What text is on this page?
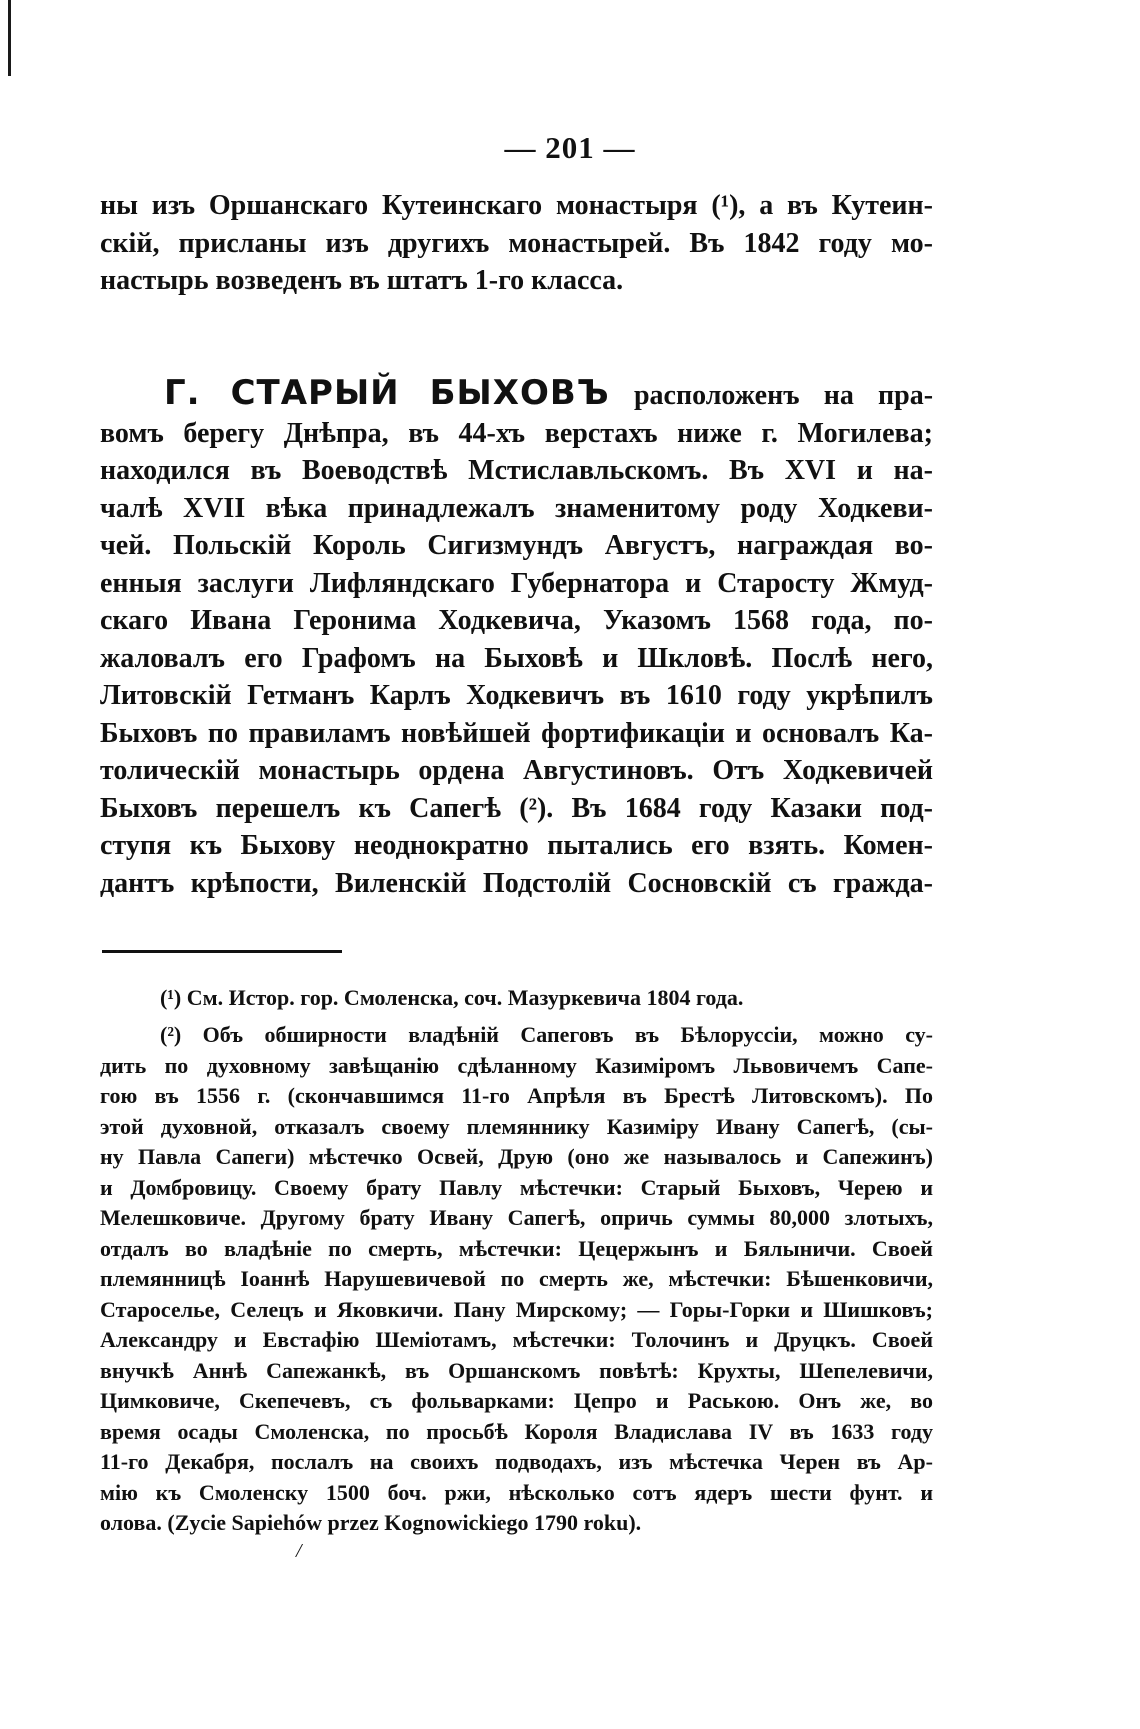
— 201 —
ны изъ Оршанскаго Кутеинскаго монастыря (¹), а въ Кутеин-
скій, присланы изъ другихъ монастырей. Въ 1842 году мо-
настырь возведенъ въ штатъ 1-го класса.
Г. СТАРЫЙ БЫХОВЪ расположенъ на пра-
вомъ берегу Днѣпра, въ 44-хъ верстахъ ниже г. Могилева;
находился въ Воеводствѣ Мстиславльскомъ. Въ XVI и на-
чалѣ XVII вѣка принадлежалъ знаменитому роду Ходкеви-
чей. Польскій Король Сигизмундъ Августъ, награждая во-
енныя заслуги Лифляндскаго Губернатора и Старосту Жмуд-
скаго Ивана Геронима Ходкевича, Указомъ 1568 года, по-
жаловалъ его Графомъ на Быховѣ и Шкловѣ. Послѣ него,
Литовскій Гетманъ Карлъ Ходкевичъ въ 1610 году укрѣпилъ
Быховъ по правиламъ новѣйшей фортификаціи и основалъ Ка-
толическій монастырь ордена Августиновъ. Отъ Ходкевичей
Быховъ перешелъ къ Сапегѣ (²). Въ 1684 году Казаки под-
ступя къ Быхову неоднократно пытались его взять. Комен-
дантъ крѣпости, Виленскій Подстолій Сосновскій съ гражда-
(¹) См. Истор. гор. Смоленска, соч. Мазуркевича 1804 года.
(²) Объ обширности владѣній Сапеговъ въ Бѣлоруссіи, можно су-
дить по духовному завѣщанію сдѣланному Казиміромъ Львовичемъ Сапе-
гою въ 1556 г. (скончавшимся 11-го Апрѣля въ Брестѣ Литовскомъ). По
этой духовной, отказалъ своему племяннику Казиміру Ивану Сапегѣ, (сы-
ну Павла Сапеги) мѣстечко Освей, Друю (оно же называлось и Сапежинъ)
и Домбровицу. Своему брату Павлу мѣстечки: Старый Быховъ, Черею и
Мелешковиче. Другому брату Ивану Сапегѣ, опричь суммы 80,000 злотыхъ,
отдалъ во владѣніе по смерть, мѣстечки: Цецержынъ и Бялыничи. Своей
племянницѣ Іоаннѣ Нарушевичевой по смерть же, мѣстечки: Бѣшенковичи,
Староселье, Селецъ и Яковкичи. Пану Мирскому; — Горы-Горки и Шишковъ;
Александру и Евстафію Шеміотамъ, мѣстечки: Толочинъ и Друцкъ. Своей
внучкѣ Аннѣ Сапежанкѣ, въ Оршанскомъ повѣтѣ: Крухты, Шепелевичи,
Цимковиче, Скепечевъ, съ фольварками: Цепро и Раською. Онъ же, во
время осады Смоленска, по просьбѣ Короля Владислава IV въ 1633 году
11-го Декабря, послалъ на своихъ подводахъ, изъ мѣстечка Черен въ Ар-
мію къ Смоленску 1500 боч. ржи, нѣсколько сотъ ядеръ шести фунт. и
олова. (Zycie Sapiehów przez Kognowickiego 1790 roku).
/
